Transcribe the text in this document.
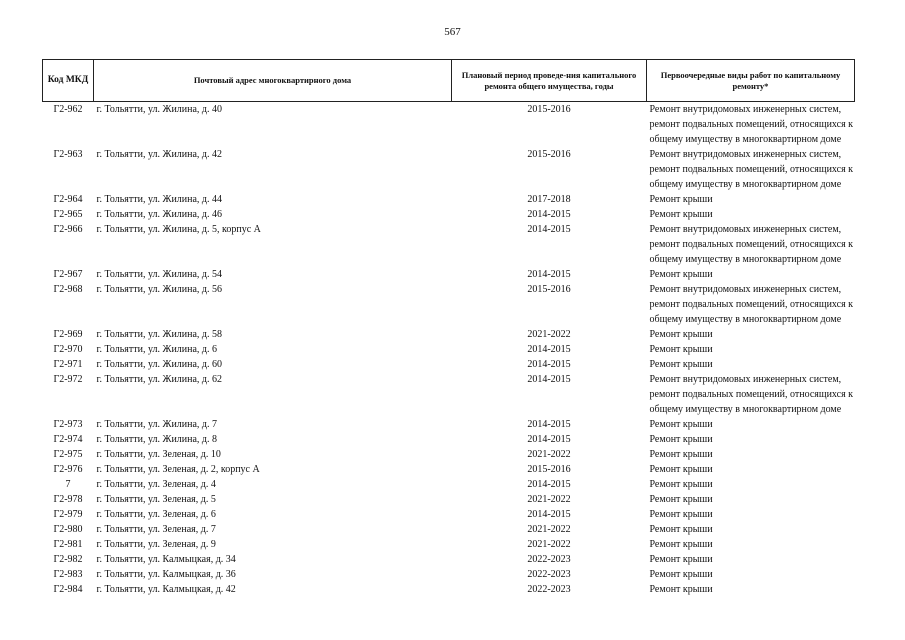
567
Код МКД	Почтовый адрес многоквартирного дома	Плановый период проведе-ния капитального ремонта общего имущества, годы	Первоочередные виды работ по капитальному ремонту*
Г2-962	г. Тольятти, ул. Жилина, д. 40	2015-2016	Ремонт внутридомовых инженерных систем,
ремонт подвальных помещений, относящихся к
общему имуществу в многоквартирном доме

Г2-963	г. Тольятти, ул. Жилина, д. 42	2015-2016	Ремонт внутридомовых инженерных систем,
ремонт подвальных помещений, относящихся к
общему имуществу в многоквартирном доме

Г2-964	г. Тольятти, ул. Жилина, д. 44	2017-2018	Ремонт крыши

Г2-965	г. Тольятти, ул. Жилина, д. 46	2014-2015	Ремонт крыши

Г2-966	г. Тольятти, ул. Жилина, д. 5, корпус А	2014-2015	Ремонт внутридомовых инженерных систем,
ремонт подвальных помещений, относящихся к
общему имуществу в многоквартирном доме

Г2-967	г. Тольятти, ул. Жилина, д. 54	2014-2015	Ремонт крыши

Г2-968	г. Тольятти, ул. Жилина, д. 56	2015-2016	Ремонт внутридомовых инженерных систем,
ремонт подвальных помещений, относящихся к
общему имуществу в многоквартирном доме

Г2-969	г. Тольятти, ул. Жилина, д. 58	2021-2022	Ремонт крыши

Г2-970	г. Тольятти, ул. Жилина, д. 6	2014-2015	Ремонт крыши

Г2-971	г. Тольятти, ул. Жилина, д. 60	2014-2015	Ремонт крыши

Г2-972	г. Тольятти, ул. Жилина, д. 62	2014-2015	Ремонт внутридомовых инженерных систем,
ремонт подвальных помещений, относящихся к
общему имуществу в многоквартирном доме

Г2-973	г. Тольятти, ул. Жилина, д. 7	2014-2015	Ремонт крыши

Г2-974	г. Тольятти, ул. Жилина, д. 8	2014-2015	Ремонт крыши

Г2-975	г. Тольятти, ул. Зеленая, д. 10	2021-2022	Ремонт крыши

Г2-976	г. Тольятти, ул. Зеленая, д. 2, корпус А	2015-2016	Ремонт крыши

7	г. Тольятти, ул. Зеленая, д. 4	2014-2015	Ремонт крыши

Г2-978	г. Тольятти, ул. Зеленая, д. 5	2021-2022	Ремонт крыши

Г2-979	г. Тольятти, ул. Зеленая, д. 6	2014-2015	Ремонт крыши

Г2-980	г. Тольятти, ул. Зеленая, д. 7	2021-2022	Ремонт крыши

Г2-981	г. Тольятти, ул. Зеленая, д. 9	2021-2022	Ремонт крыши

Г2-982	г. Тольятти, ул. Калмыцкая, д. 34	2022-2023	Ремонт крыши

Г2-983	г. Тольятти, ул. Калмыцкая, д. 36	2022-2023	Ремонт крыши

Г2-984	г. Тольятти, ул. Калмыцкая, д. 42	2022-2023	Ремонт крыши
